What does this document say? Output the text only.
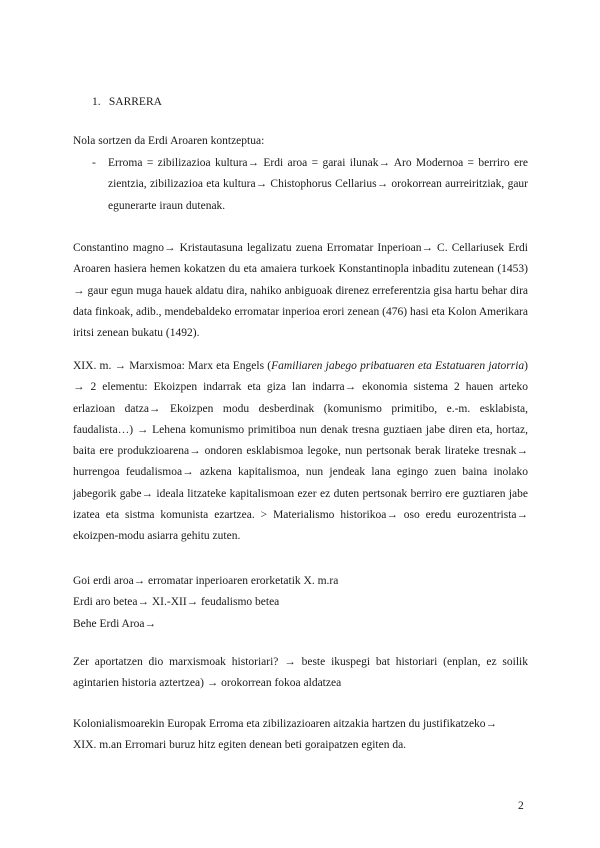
1. SARRERA

Nola sortzen da Erdi Aroaren kontzeptua:

- Erroma = zibilizazioa kultura→ Erdi aroa = garai ilunak→ Aro Modernoa = berriro ere zientzia, zibilizazioa eta kultura→ Chistophorus Cellarius→ orokorrean aurreiritziak, gaur egunerarte iraun dutenak.

Constantino magno→ Kristautasuna legalizatu zuena Erromatar Inperioan→ C. Cellariusek Erdi Aroaren hasiera hemen kokatzen du eta amaiera turkoek Konstantinopla inbaditu zutenean (1453) → gaur egun muga hauek aldatu dira, nahiko anbiguoak direnez erreferentzia gisa hartu behar dira data finkoak, adib., mendebaldeko erromatar inperioa erori zenean (476) hasi eta Kolon Amerikara iritsi zenean bukatu (1492).

XIX. m. → Marxismoa: Marx eta Engels (Familiaren jabego pribatuaren eta Estatuaren jatorria) → 2 elementu: Ekoizpen indarrak eta giza lan indarra→ ekonomia sistema 2 hauen arteko erlazioan datza→ Ekoizpen modu desberdinak (komunismo primitibo, e.-m. esklabista, faudalista…) → Lehena komunismo primitiboa nun denak tresna guztiaen jabe diren eta, hortaz, baita ere produkzioarena→ ondoren esklabismoa legoke, nun pertsonak berak lirateke tresnak→ hurrengoa feudalismoa→ azkena kapitalismoa, nun jendeak lana egingo zuen baina inolako jabegorik gabe→ ideala litzateke kapitalismoan ezer ez duten pertsonak berriro ere guztiaren jabe izatea eta sistma komunista ezartzea. > Materialismo historikoa→ oso eredu eurozentrista→ ekoizpen-modu asiarra gehitu zuten.

Goi erdi aroa→ erromatar inperioaren erorketatik X. m.ra
Erdi aro betea→ XI.-XII→ feudalismo betea
Behe Erdi Aroa→

Zer aportatzen dio marxismoak historiari? → beste ikuspegi bat historiari (enplan, ez soilik agintarien historia aztertzea) → orokorrean fokoa aldatzea

Kolonialismoarekin Europak Erroma eta zibilizazioaren aitzakia hartzen du justifikatzeko→
XIX. m.an Erromari buruz hitz egiten denean beti goraipatzen egiten da.
2
